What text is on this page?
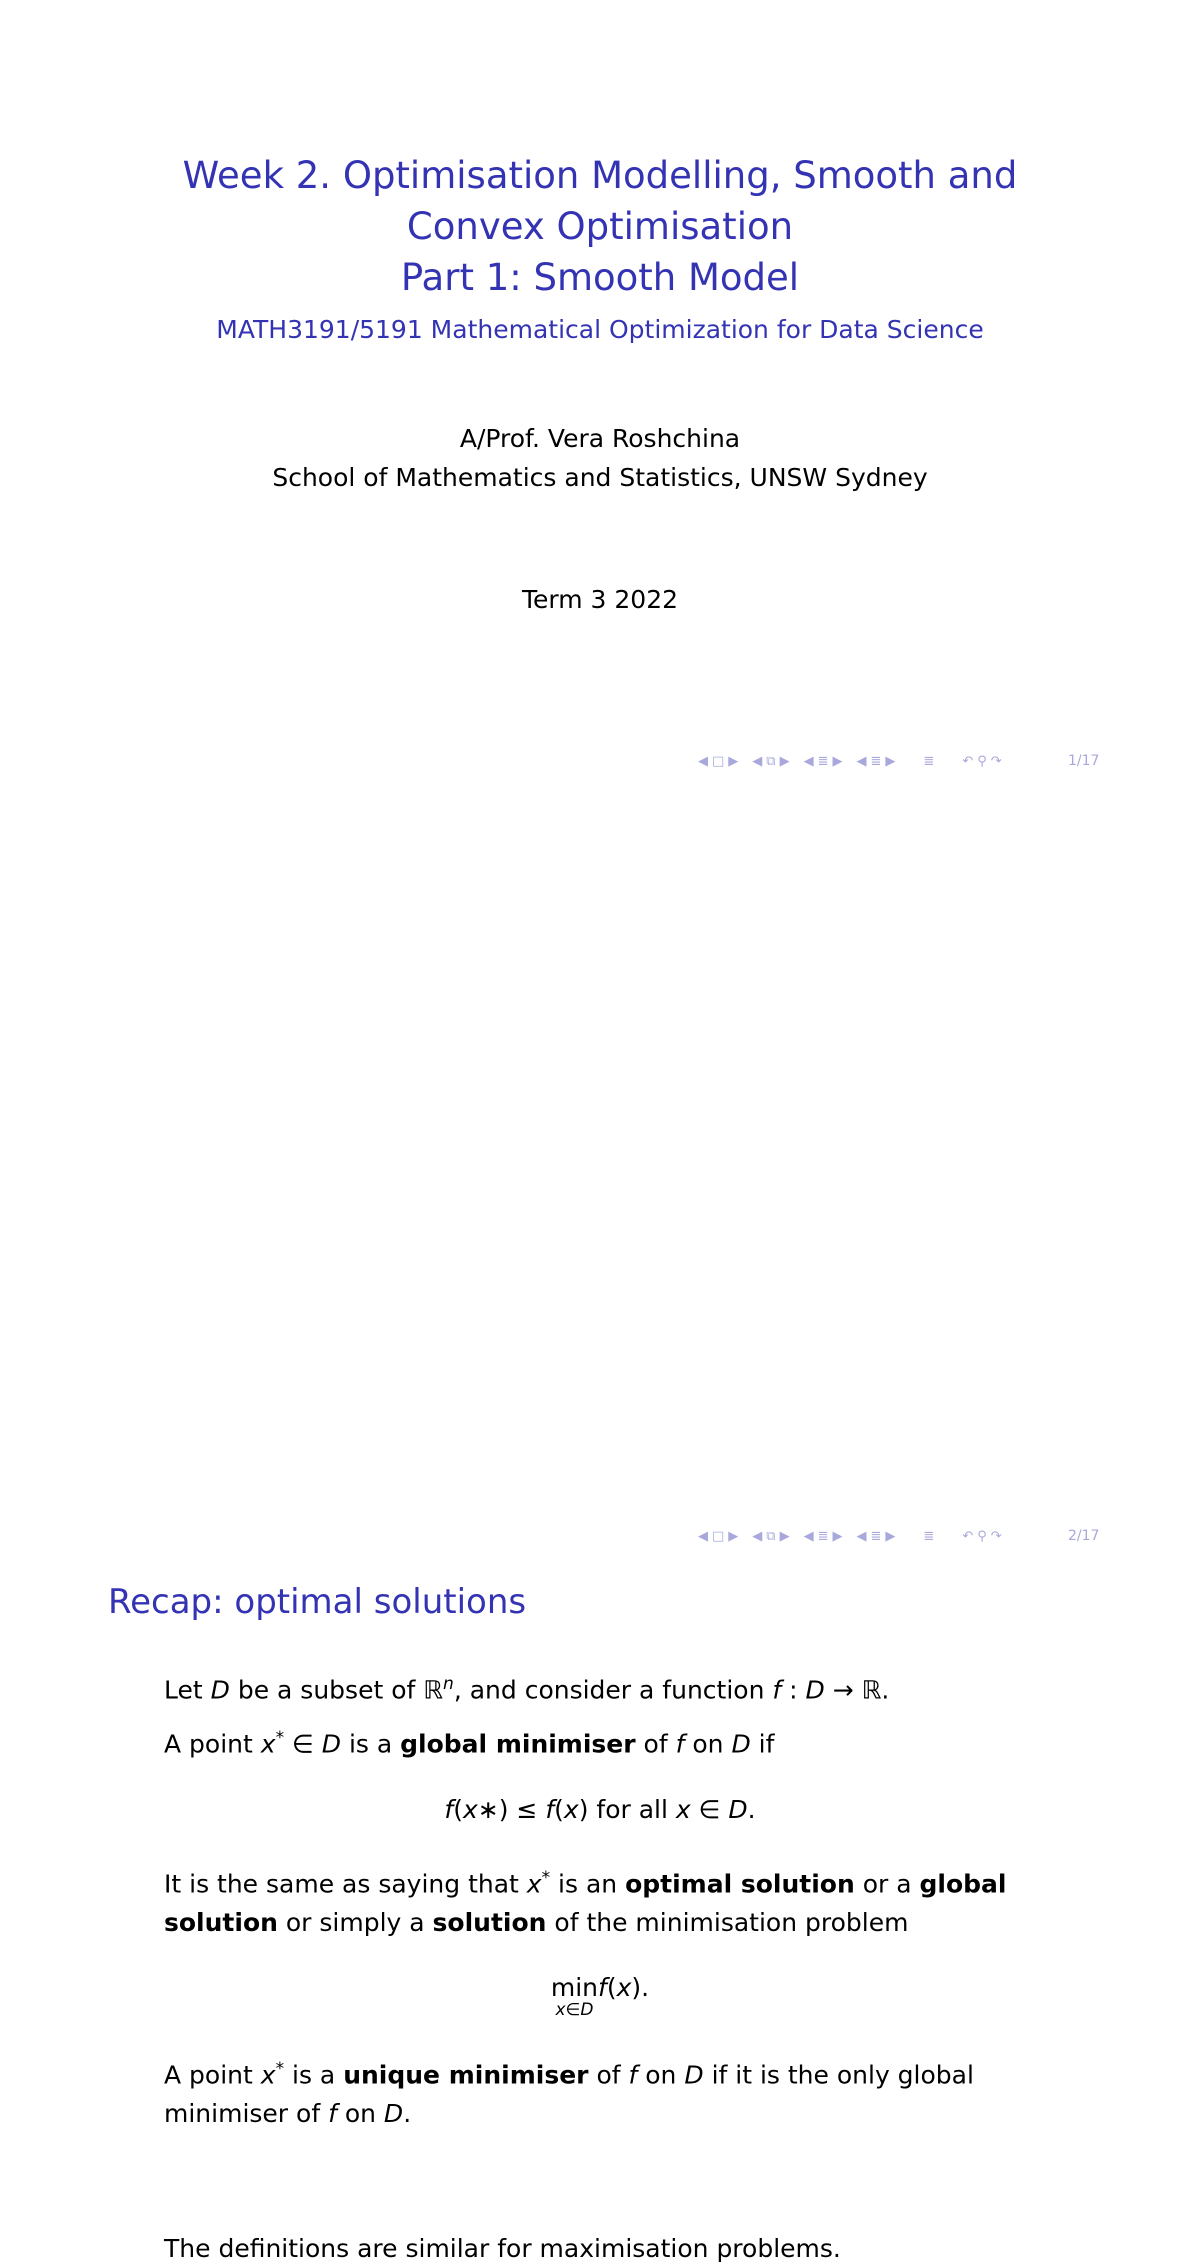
Week 2. Optimisation Modelling, Smooth and
Convex Optimisation
Part 1: Smooth Model
MATH3191/5191 Mathematical Optimization for Data Science
A/Prof. Vera Roshchina
School of Mathematics and Statistics, UNSW Sydney
Term 3 2022
◀ □ ▶ ◀ ⧉ ▶ ◀ ≣ ▶ ◀ ≣ ▶ ≣ ↶ ⚲ ↷	1/17
Recap: optimal solutions
Let D be a subset of ℝ$^n$, and consider a function f : D → ℝ.
A point x* ∈ D is a global minimiser of f on D if
f(x∗) ≤ f(x) for all x ∈ D.
It is the same as saying that x* is an optimal solution or a global
solution or simply a solution of the minimisation problem
min
x∈D
f(x).
A point x* is a unique minimiser of f on D if it is the only global
minimiser of f on D.
The definitions are similar for maximisation problems.
◀ □ ▶ ◀ ⧉ ▶ ◀ ≣ ▶ ◀ ≣ ▶ ≣ ↶ ⚲ ↷	2/17
